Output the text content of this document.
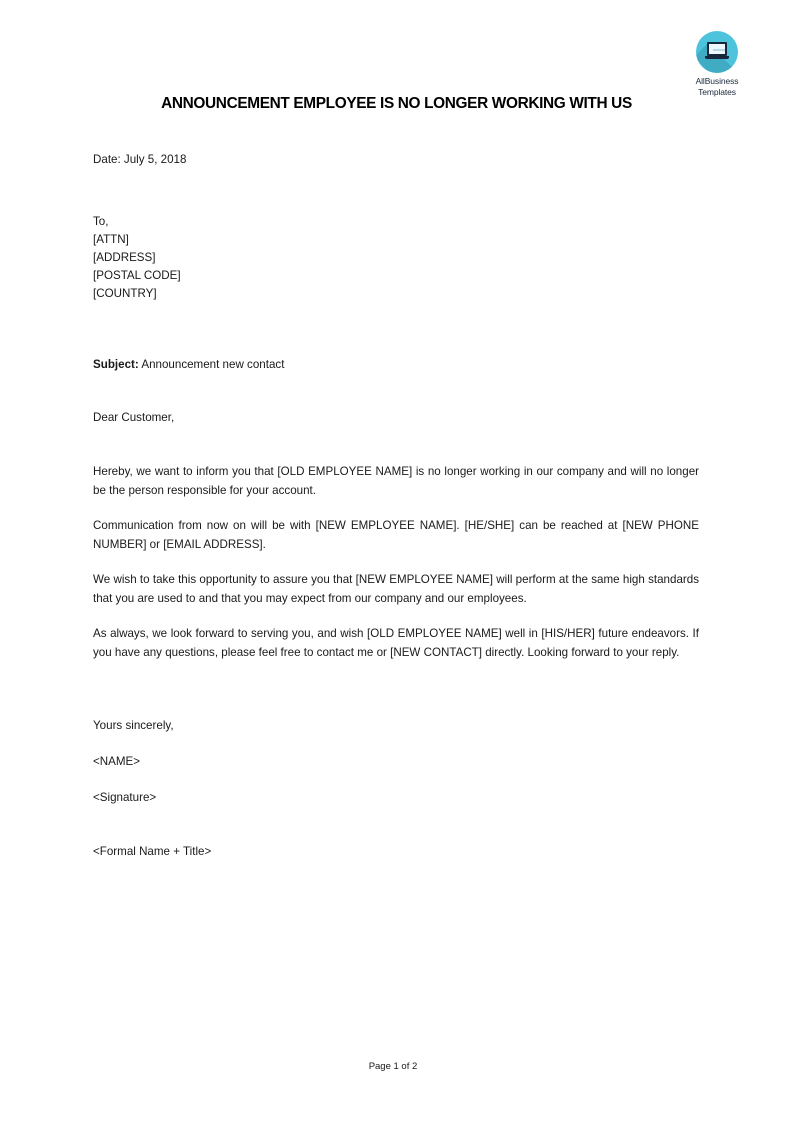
AllBusiness
Templates
ANNOUNCEMENT EMPLOYEE IS NO LONGER WORKING WITH US
Date: July 5, 2018
To,
[ATTN]
[ADDRESS]
[POSTAL CODE]
[COUNTRY]
Subject: Announcement new contact
Dear Customer,

Hereby, we want to inform you that [OLD EMPLOYEE NAME] is no longer working in our company and will no longer be the person responsible for your account.

Communication from now on will be with [NEW EMPLOYEE NAME]. [HE/SHE] can be reached at [NEW PHONE NUMBER] or [EMAIL ADDRESS].

We wish to take this opportunity to assure you that [NEW EMPLOYEE NAME] will perform at the same high standards that you are used to and that you may expect from our company and our employees.

As always, we look forward to serving you, and wish [OLD EMPLOYEE NAME] well in [HIS/HER] future endeavors. If you have any questions, please feel free to contact me or [NEW CONTACT] directly. Looking forward to your reply.

Yours sincerely,
<NAME>
<Signature>
<Formal Name + Title>
Page 1 of 2
